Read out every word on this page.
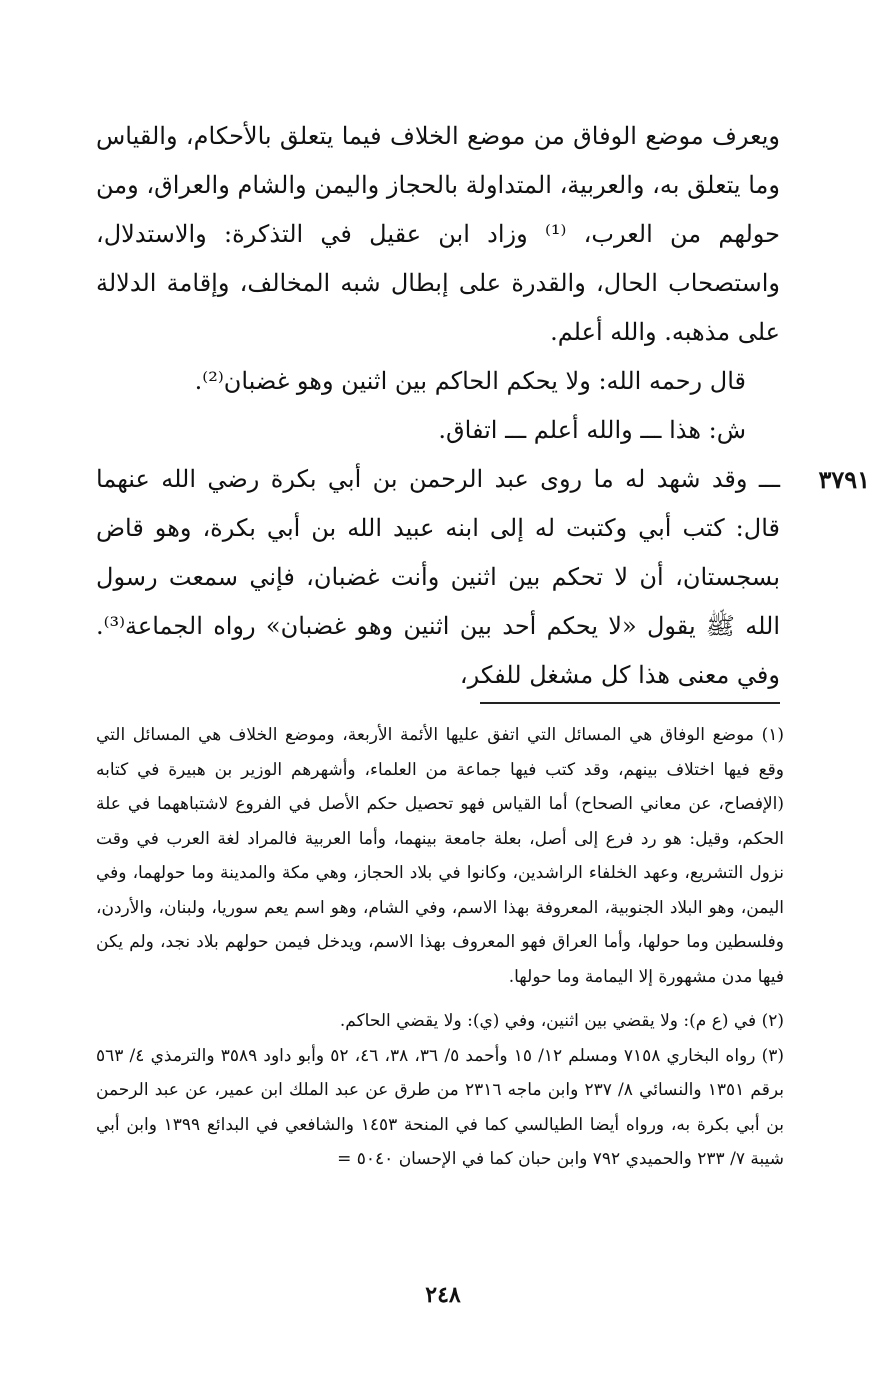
ويعرف موضع الوفاق من موضع الخلاف فيما يتعلق بالأحكام، والقياس وما يتعلق به، والعربية، المتداولة بالحجاز واليمن والشام والعراق، ومن حولهم من العرب، ⁽¹⁾ وزاد ابن عقيل في التذكرة: والاستدلال، واستصحاب الحال، والقدرة على إبطال شبه المخالف، وإقامة الدلالة على مذهبه. والله أعلم.

قال رحمه الله: ولا يحكم الحاكم بين اثنين وهو غضبان⁽²⁾.

ش: هذا ـــ والله أعلم ـــ اتفاق.

٣٧٩١

ـــ وقد شهد له ما روى عبد الرحمن بن أبي بكرة رضي الله عنهما قال: كتب أبي وكتبت له إلى ابنه عبيد الله بن أبي بكرة، وهو قاض بسجستان، أن لا تحكم بين اثنين وأنت غضبان، فإني سمعت رسول الله ﷺ يقول «لا يحكم أحد بين اثنين وهو غضبان» رواه الجماعة⁽³⁾. وفي معنى هذا كل مشغل للفكر،

(١) موضع الوفاق هي المسائل التي اتفق عليها الأئمة الأربعة، وموضع الخلاف هي المسائل التي وقع فيها اختلاف بينهم، وقد كتب فيها جماعة من العلماء، وأشهرهم الوزير بن هبيرة في كتابه (الإفصاح، عن معاني الصحاح) أما القياس فهو تحصيل حكم الأصل في الفروع لاشتباههما في علة الحكم، وقيل: هو رد فرع إلى أصل، بعلة جامعة بينهما، وأما العربية فالمراد لغة العرب في وقت نزول التشريع، وعهد الخلفاء الراشدين، وكانوا في بلاد الحجاز، وهي مكة والمدينة وما حولهما، وفي اليمن، وهو البلاد الجنوبية، المعروفة بهذا الاسم، وفي الشام، وهو اسم يعم سوريا، ولبنان، والأردن، وفلسطين وما حولها، وأما العراق فهو المعروف بهذا الاسم، ويدخل فيمن حولهم بلاد نجد، ولم يكن فيها مدن مشهورة إلا اليمامة وما حولها.

(٢) في (ع م): ولا يقضي بين اثنين، وفي (ي): ولا يقضي الحاكم.

(٣) رواه البخاري ٧١٥٨ ومسلم ١٢/ ١٥ وأحمد ٥/ ٣٦، ٣٨، ٤٦، ٥٢ وأبو داود ٣٥٨٩ والترمذي ٤/ ٥٦٣ برقم ١٣٥١ والنسائي ٨/ ٢٣٧ وابن ماجه ٢٣١٦ من طرق عن عبد الملك ابن عمير، عن عبد الرحمن بن أبي بكرة به، ورواه أيضا الطيالسي كما في المنحة ١٤٥٣ والشافعي في البدائع ١٣٩٩ وابن أبي شيبة ٧/ ٢٣٣ والحميدي ٧٩٢ وابن حبان كما في الإحسان ٥٠٤٠ =

٢٤٨
